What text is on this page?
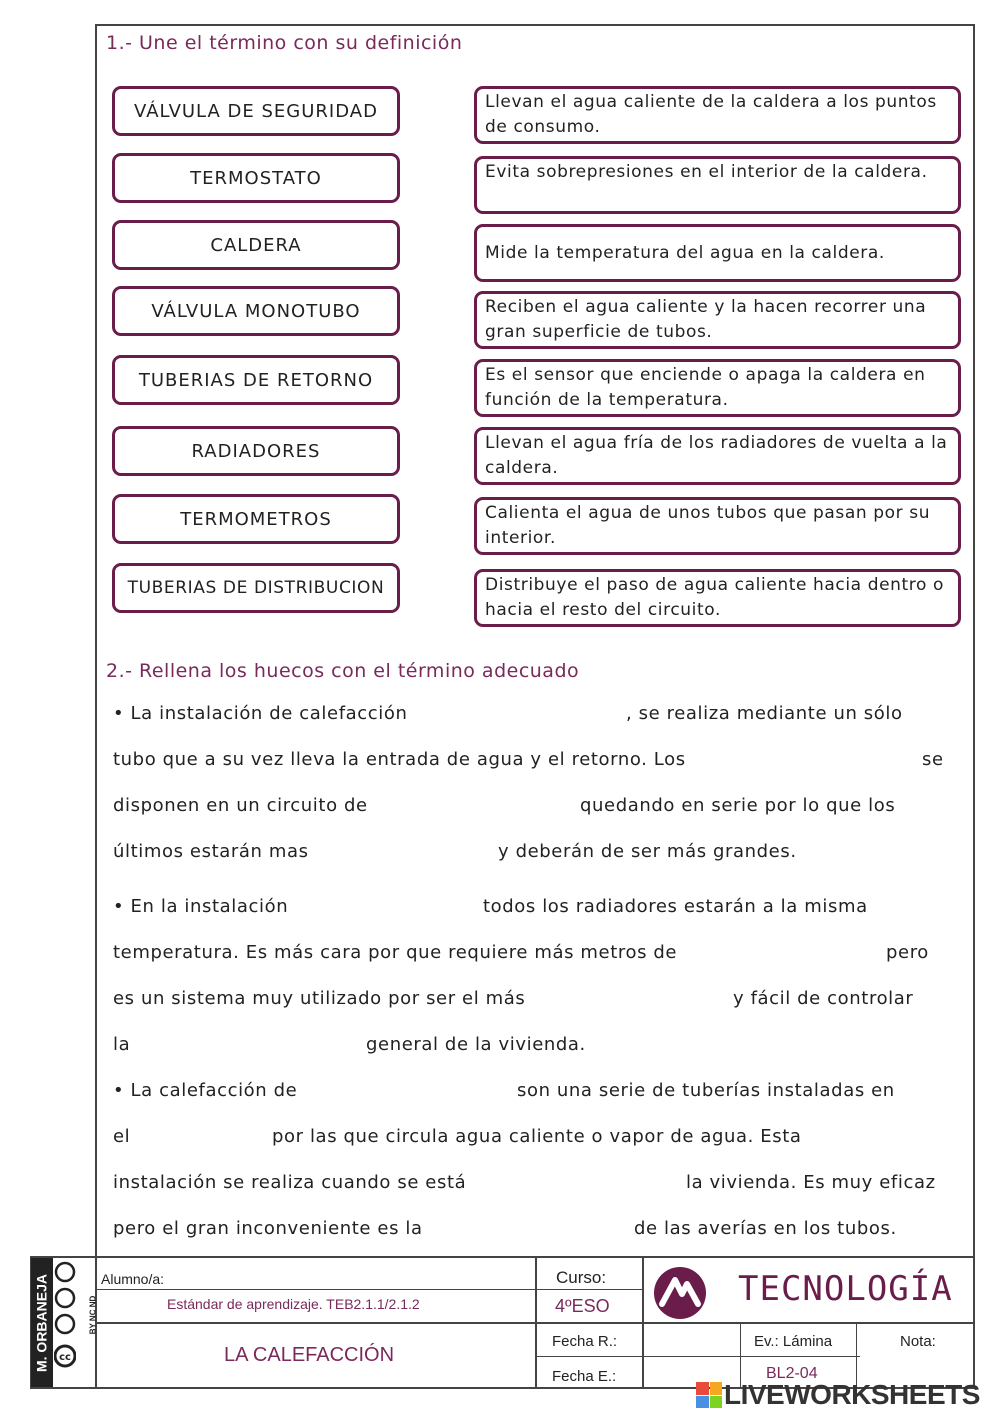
1.- Une el término con su definición
VÁLVULA DE SEGURIDAD
TERMOSTATO
CALDERA
VÁLVULA MONOTUBO
TUBERIAS DE RETORNO
RADIADORES
TERMOMETROS
TUBERIAS DE DISTRIBUCION
Llevan el agua caliente de la caldera a los puntos de consumo.
Evita sobrepresiones en el interior de la caldera.
Mide la temperatura del agua en la caldera.
Reciben el agua caliente y la hacen recorrer una gran superficie de tubos.
Es el sensor que enciende o apaga la caldera en función de la temperatura.
Llevan el agua fría de los radiadores de vuelta a la caldera.
Calienta el agua de unos tubos que pasan por su interior.
Distribuye el paso de agua caliente hacia dentro o hacia el resto del circuito.
2.- Rellena los huecos con el término adecuado
• La instalación de calefacción	, se realiza mediante un sólo
tubo que a su vez lleva la entrada de agua y el retorno. Los	se
disponen en un circuito de	quedando en serie por lo que los
últimos estarán mas	y deberán de ser más grandes.
• En la instalación	todos los radiadores estarán a la misma
temperatura. Es más cara por que requiere más metros de	pero
es un sistema muy utilizado por ser el más	y fácil de controlar
la	general de la vivienda.
• La calefacción de	son una serie de tuberías instaladas en
el	por las que circula agua caliente o vapor de agua. Esta
instalación se realiza cuando se está	la vivienda. Es muy eficaz
pero el gran inconveniente es la	de las averías en los tubos.
Alumno/a:
Estándar de aprendizaje. TEB2.1.1/2.1.2
Curso:
4ºESO
LA CALEFACCIÓN
Fecha R.:
Fecha E.:
Ev.: Lámina
BL2-04
Nota:
TECNOLOGÍA
M. ORBANEJA cc
BY NC ND
LIVEWORKSHEETS
